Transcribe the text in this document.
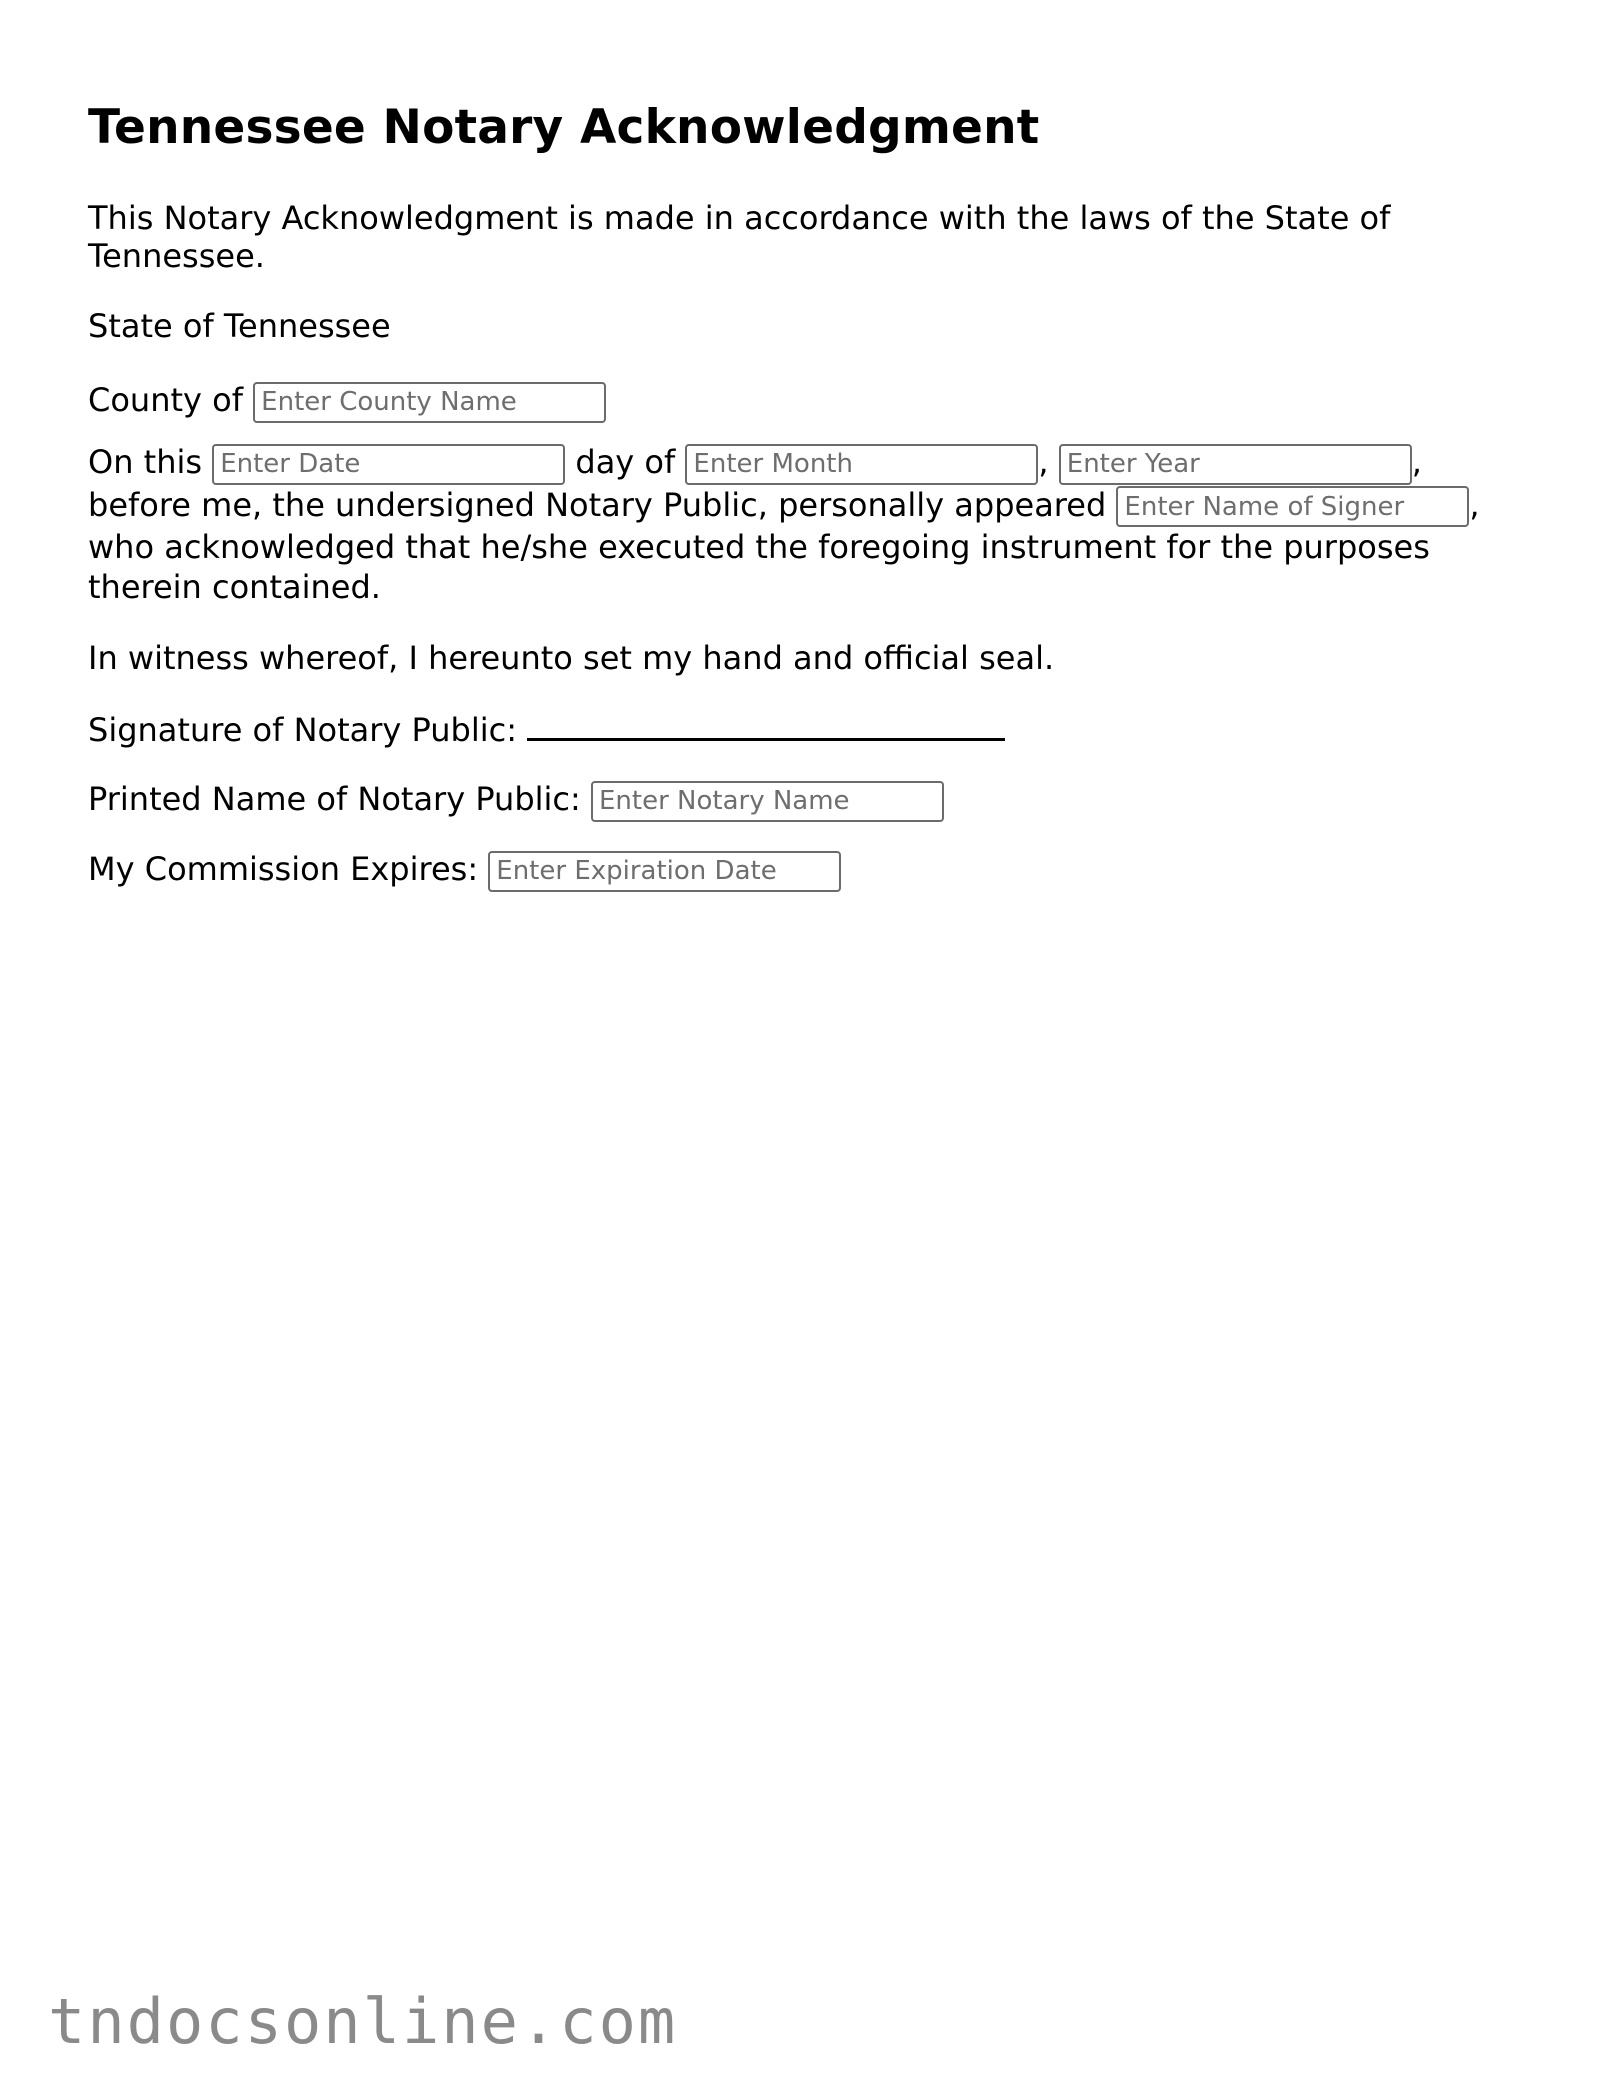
Tennessee Notary Acknowledgment

This Notary Acknowledgment is made in accordance with the laws of the State of Tennessee.

State of Tennessee

County of Enter County Name

On this Enter Date	day of Enter Month	, Enter Year	, before me, the undersigned Notary Public, personally appeared Enter Name of Signer	, who acknowledged that he/she executed the foregoing instrument for the purposes therein contained.

In witness whereof, I hereunto set my hand and official seal.

Signature of Notary Public:

Printed Name of Notary Public: Enter Notary Name

My Commission Expires: Enter Expiration Date

tndocsonline.com
